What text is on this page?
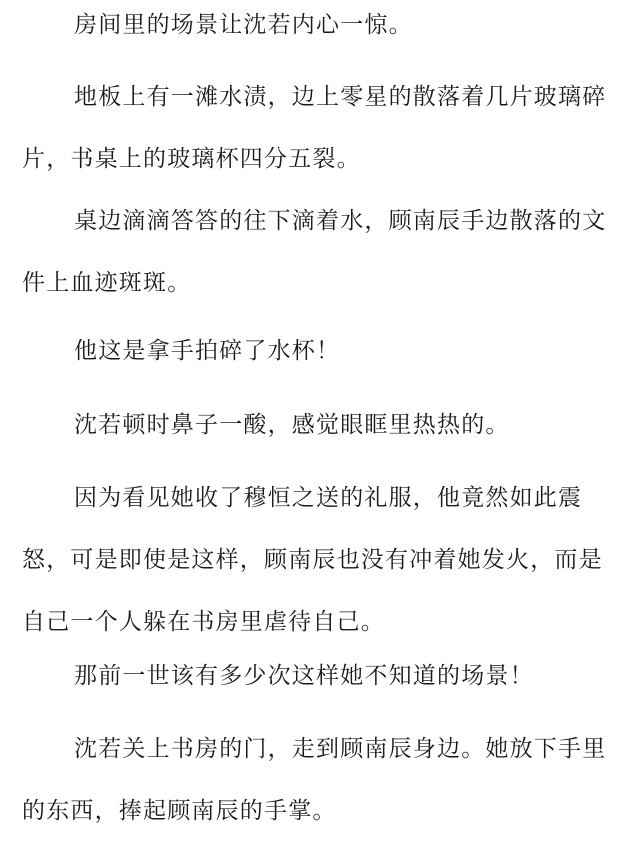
房间里的场景让沈若内心一惊。

地板上有一滩水渍，边上零星的散落着几片玻璃碎片，书桌上的玻璃杯四分五裂。

桌边滴滴答答的往下滴着水，顾南辰手边散落的文件上血迹斑斑。

他这是拿手拍碎了水杯！

沈若顿时鼻子一酸，感觉眼眶里热热的。

因为看见她收了穆恒之送的礼服，他竟然如此震怒，可是即使是这样，顾南辰也没有冲着她发火，而是自己一个人躲在书房里虐待自己。

那前一世该有多少次这样她不知道的场景！

沈若关上书房的门，走到顾南辰身边。她放下手里的东西，捧起顾南辰的手掌。
